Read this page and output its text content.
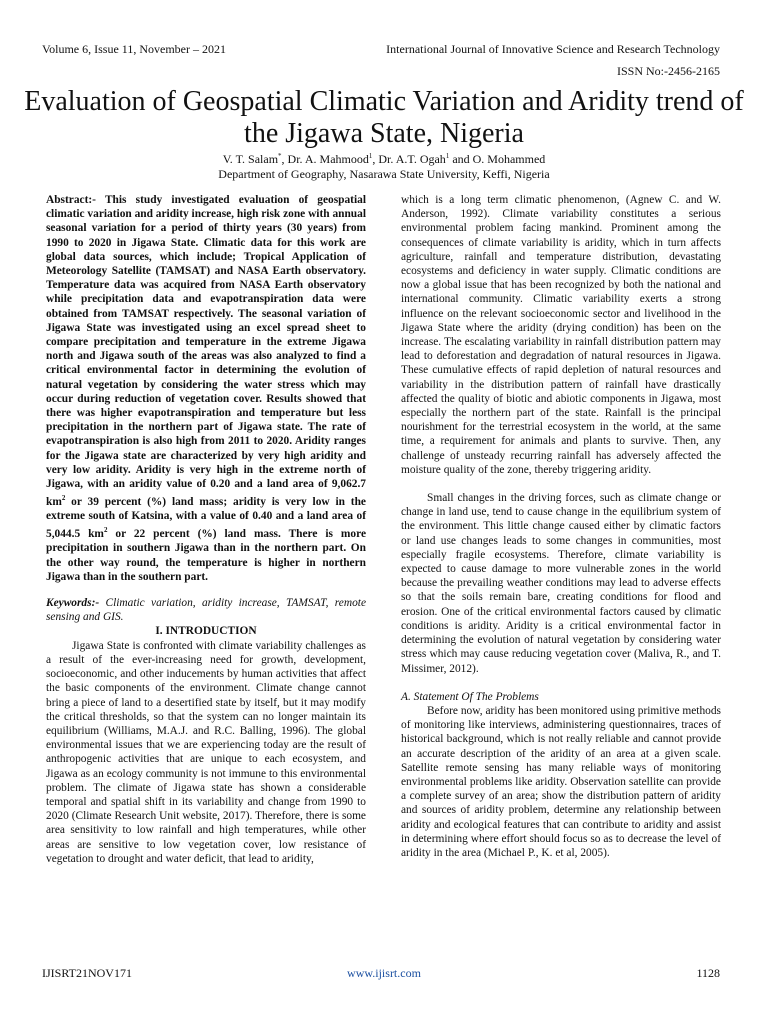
Volume 6, Issue 11, November – 2021	International Journal of Innovative Science and Research Technology
ISSN No:-2456-2165
Evaluation of Geospatial Climatic Variation and Aridity trend of the Jigawa State, Nigeria
V. T. Salam*, Dr. A. Mahmood$^1$, Dr. A.T. Ogah$^1$ and O. Mohammed
Department of Geography, Nasarawa State University, Keffi, Nigeria

Abstract:- This study investigated evaluation of geospatial climatic variation and aridity increase, high risk zone with annual seasonal variation for a period of thirty years (30 years) from 1990 to 2020 in Jigawa State. Climatic data for this work are global data sources, which include; Tropical Application of Meteorology Satellite (TAMSAT) and NASA Earth observatory. Temperature data was acquired from NASA Earth observatory while precipitation data and evapotranspiration data were obtained from TAMSAT respectively. The seasonal variation of Jigawa State was investigated using an excel spread sheet to compare precipitation and temperature in the extreme Jigawa north and Jigawa south of the areas was also analyzed to find a critical environmental factor in determining the evolution of natural vegetation by considering the water stress which may occur during reduction of vegetation cover. Results showed that there was higher evapotranspiration and temperature but less precipitation in the northern part of Jigawa state. The rate of evapotranspiration is also high from 2011 to 2020. Aridity ranges for the Jigawa state are characterized by very high aridity and very low aridity. Aridity is very high in the extreme north of Jigawa, with an aridity value of 0.20 and a land area of 9,062.7 $km^2$ or 39 percent (%) land mass; aridity is very low in the extreme south of Katsina, with a value of 0.40 and a land area of 5,044.5 $km^2$ or 22 percent (%) land mass. There is more precipitation in southern Jigawa than in the northern part. On the other way round, the temperature is higher in northern Jigawa than in the southern part.

Keywords:- Climatic variation, aridity increase, TAMSAT, remote sensing and GIS.

I. INTRODUCTION

Jigawa State is confronted with climate variability challenges as a result of the ever-increasing need for growth, development, socioeconomic, and other inducements by human activities that affect the basic components of the environment. Climate change cannot bring a piece of land to a desertified state by itself, but it may modify the critical thresholds, so that the system can no longer maintain its equilibrium (Williams, M.A.J. and R.C. Balling, 1996). The global environmental issues that we are experiencing today are the result of anthropogenic activities that are unique to each ecosystem, and Jigawa as an ecology community is not immune to this environmental problem. The climate of Jigawa state has shown a considerable temporal and spatial shift in its variability and change from 1990 to 2020 (Climate Research Unit website, 2017). Therefore, there is some area sensitivity to low rainfall and high temperatures, while other areas are sensitive to low vegetation cover, low resistance of vegetation to drought and water deficit, that lead to aridity,

which is a long term climatic phenomenon, (Agnew C. and W. Anderson, 1992). Climate variability constitutes a serious environmental problem facing mankind. Prominent among the consequences of climate variability is aridity, which in turn affects agriculture, rainfall and temperature distribution, devastating ecosystems and deficiency in water supply. Climatic conditions are now a global issue that has been recognized by both the national and international community. Climatic variability exerts a strong influence on the relevant socioeconomic sector and livelihood in the Jigawa State where the aridity (drying condition) has been on the increase. The escalating variability in rainfall distribution pattern may lead to deforestation and degradation of natural resources in Jigawa. These cumulative effects of rapid depletion of natural resources and variability in the distribution pattern of rainfall have drastically affected the quality of biotic and abiotic components in Jigawa, most especially the northern part of the state. Rainfall is the principal nourishment for the terrestrial ecosystem in the world, at the same time, a requirement for animals and plants to survive. Then, any challenge of unsteady recurring rainfall has adversely affected the moisture quality of the zone, thereby triggering aridity.

Small changes in the driving forces, such as climate change or change in land use, tend to cause change in the equilibrium system of the environment. This little change caused either by climatic factors or land use changes leads to some changes in communities, most especially fragile ecosystems. Therefore, climate variability is expected to cause damage to more vulnerable zones in the world because the prevailing weather conditions may lead to adverse effects so that the soils remain bare, creating conditions for flood and erosion. One of the critical environmental factors caused by climatic conditions is aridity. Aridity is a critical environmental factor in determining the evolution of natural vegetation by considering water stress which may cause reducing vegetation cover (Maliva, R., and T. Missimer, 2012).

A. Statement Of The Problems

Before now, aridity has been monitored using primitive methods of monitoring like interviews, administering questionnaires, traces of historical background, which is not really reliable and cannot provide an accurate description of the aridity of an area at a given scale. Satellite remote sensing has many reliable ways of monitoring environmental problems like aridity. Observation satellite can provide a complete survey of an area; show the distribution pattern of aridity and sources of aridity problem, determine any relationship between aridity and ecological features that can contribute to aridity and assist in determining where effort should focus so as to decrease the level of aridity in the area (Michael P., K. et al, 2005).

IJISRT21NOV171	www.ijisrt.com	1128
